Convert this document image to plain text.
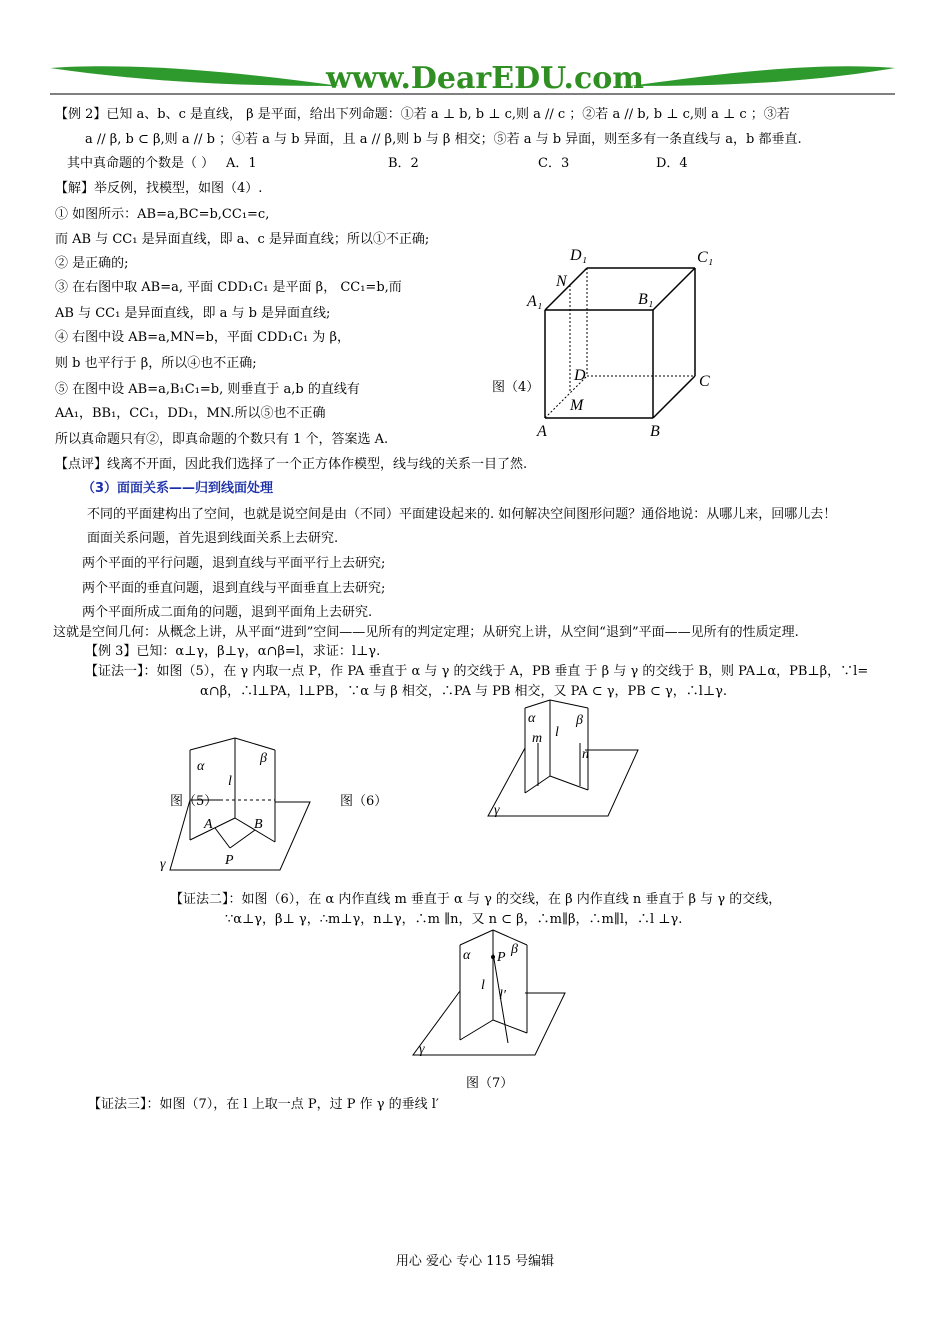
www.DearEDU.com
【例 2】已知 a、b、c 是直线， β 是平面，给出下列命题：①若 a ⊥ b, b ⊥ c,则 a // c ；②若 a // b, b ⊥ c,则 a ⊥ c ；③若
a // β, b ⊂ β,则 a // b ；④若 a 与 b 异面，且 a // β,则 b 与 β 相交；⑤若 a 与 b 异面，则至多有一条直线与 a，b 都垂直.
其中真命题的个数是（ ） A．1	B．2	C．3	D．4
【解】举反例，找模型，如图（4）.
① 如图所示：AB=a,BC=b,CC₁=c,
而 AB 与 CC₁ 是异面直线，即 a、c 是异面直线；所以①不正确;
② 是正确的;
③ 在右图中取 AB=a, 平面 CDD₁C₁ 是平面 β， CC₁=b,而
AB 与 CC₁ 是异面直线，即 a 与 b 是异面直线;
④ 右图中设 AB=a,MN=b，平面 CDD₁C₁ 为 β，
则 b 也平行于 β，所以④也不正确;
⑤ 在图中设 AB=a,B₁C₁=b, 则垂直于 a,b 的直线有
AA₁，BB₁，CC₁，DD₁，MN.所以⑤也不正确
所以真命题只有②，即真命题的个数只有 1 个，答案选 A.
图（4）
D₁	C₁
N
A₁	B₁
D	C
M
A	B
【点评】线离不开面，因此我们选择了一个正方体作模型，线与线的关系一目了然.
（3）面面关系——归到线面处理
不同的平面建构出了空间，也就是说空间是由（不同）平面建设起来的. 如何解决空间图形问题？通俗地说：从哪儿来，回哪儿去！
面面关系问题，首先退到线面关系上去研究.
两个平面的平行问题，退到直线与平面平行上去研究;
两个平面的垂直问题，退到直线与平面垂直上去研究;
两个平面所成二面角的问题，退到平面角上去研究.
这就是空间几何：从概念上讲，从平面“进到”空间——见所有的判定定理；从研究上讲，从空间“退到”平面——见所有的性质定理.
【例 3】已知：α⊥γ，β⊥γ，α∩β=l，求证：l⊥γ.
【证法一】：如图（5），在 γ 内取一点 P，作 PA 垂直于 α 与 γ 的交线于 A，PB 垂直 于 β 与 γ 的交线于 B，则 PA⊥α，PB⊥β，∵l=
α∩β，∴l⊥PA，l⊥PB，∵α 与 β 相交，∴PA 与 PB 相交，又 PA ⊂ γ，PB ⊂ γ，∴l⊥γ.
α
β
l
A	B
P
γ
图（5）	图（6）
α	β
l
m
n
γ
【证法二】：如图（6），在 α 内作直线 m 垂直于 α 与 γ 的交线，在 β 内作直线 n 垂直于 β 与 γ 的交线，
∵α⊥γ，β⊥ γ，∴m⊥γ，n⊥γ，∴m ∥n，又 n ⊂ β，∴m∥β，∴m∥l，∴l ⊥γ.
α	β
P
l
l′
γ
图（7）
【证法三】：如图（7），在 l 上取一点 P，过 P 作 γ 的垂线 l′
用心 爱心 专心 115 号编辑
